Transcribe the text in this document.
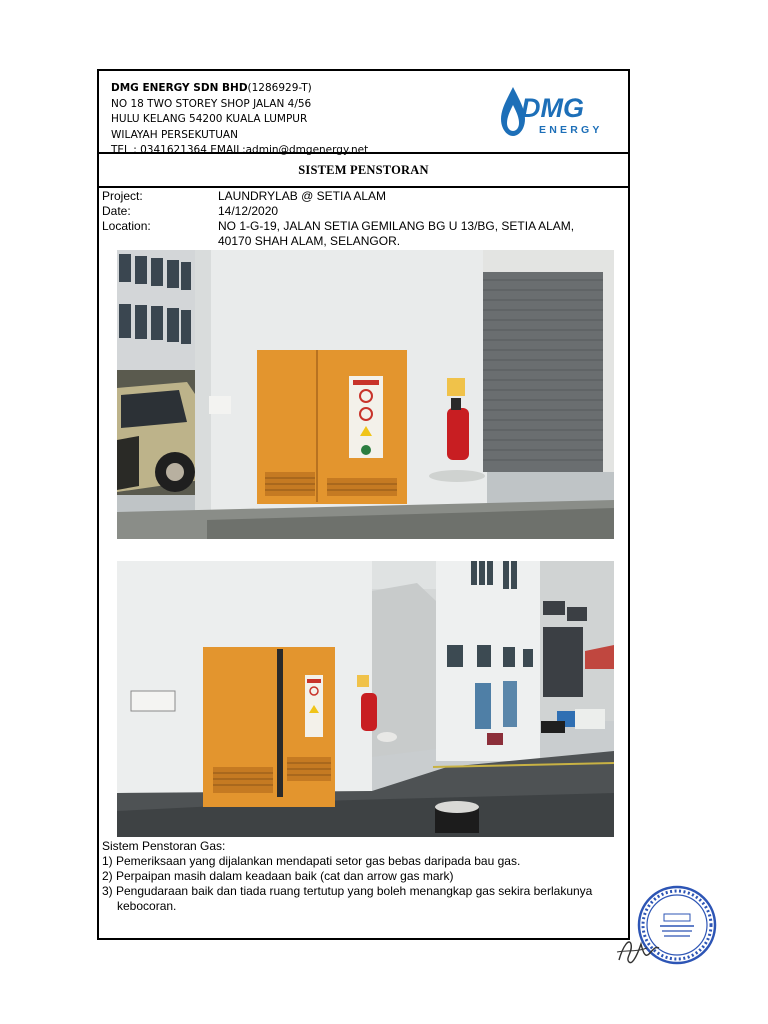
DMG ENERGY SDN BHD(1286929-T)
NO 18 TWO STOREY SHOP JALAN 4/56
HULU KELANG 54200 KUALA LUMPUR
WILAYAH PERSEKUTUAN
TEL : 0341621364 EMAIL:admin@dmgenergy.net
DMG
ENERGY
SISTEM PENSTORAN
Project:	LAUNDRYLAB @ SETIA ALAM
Date:	14/12/2020
Location:	NO 1-G-19, JALAN SETIA GEMILANG BG U 13/BG, SETIA ALAM,
40170 SHAH ALAM, SELANGOR.
Sistem Penstoran Gas:
1) Pemeriksaan yang dijalankan mendapati setor gas bebas daripada bau gas.
2) Perpaipan masih dalam keadaan baik (cat dan arrow gas mark)
3) Pengudaraan baik dan tiada ruang tertutup yang boleh menangkap gas sekira berlakunya
kebocoran.
